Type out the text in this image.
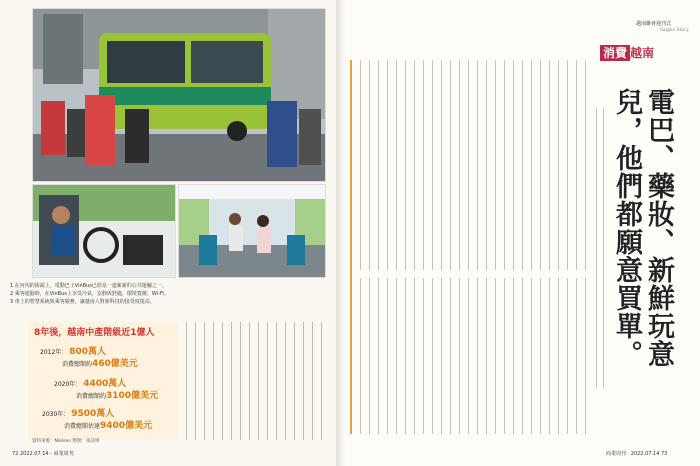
1 在河內的街頭上，電動巴士VinBus已經是一道嶄新的公共運輸之一。
2 乘客通勤時，在VinBus上享受冷氣、安靜與舒適，環境寬敞、Wi-Fi。
3 車上的智慧系統與乘客服務，讓越南人對新科技的接受度提高。
8年後，越南中產階級近1億人
2012年： 800萬人
消費總額約460億美元
2020年： 4400萬人
消費總額約3100億美元
2030年： 9500萬人
消費總額估達9400億美元
資料來源：Nielsen 整理：張詩瑋
72 2022.07.14 - 商業周刊
越南聯會週刊式
Saigon Story
消費 越南
電巴、藥妝、新鮮玩意兒，他們都願意買單。
商業周刊 · 2022.07.14 73
